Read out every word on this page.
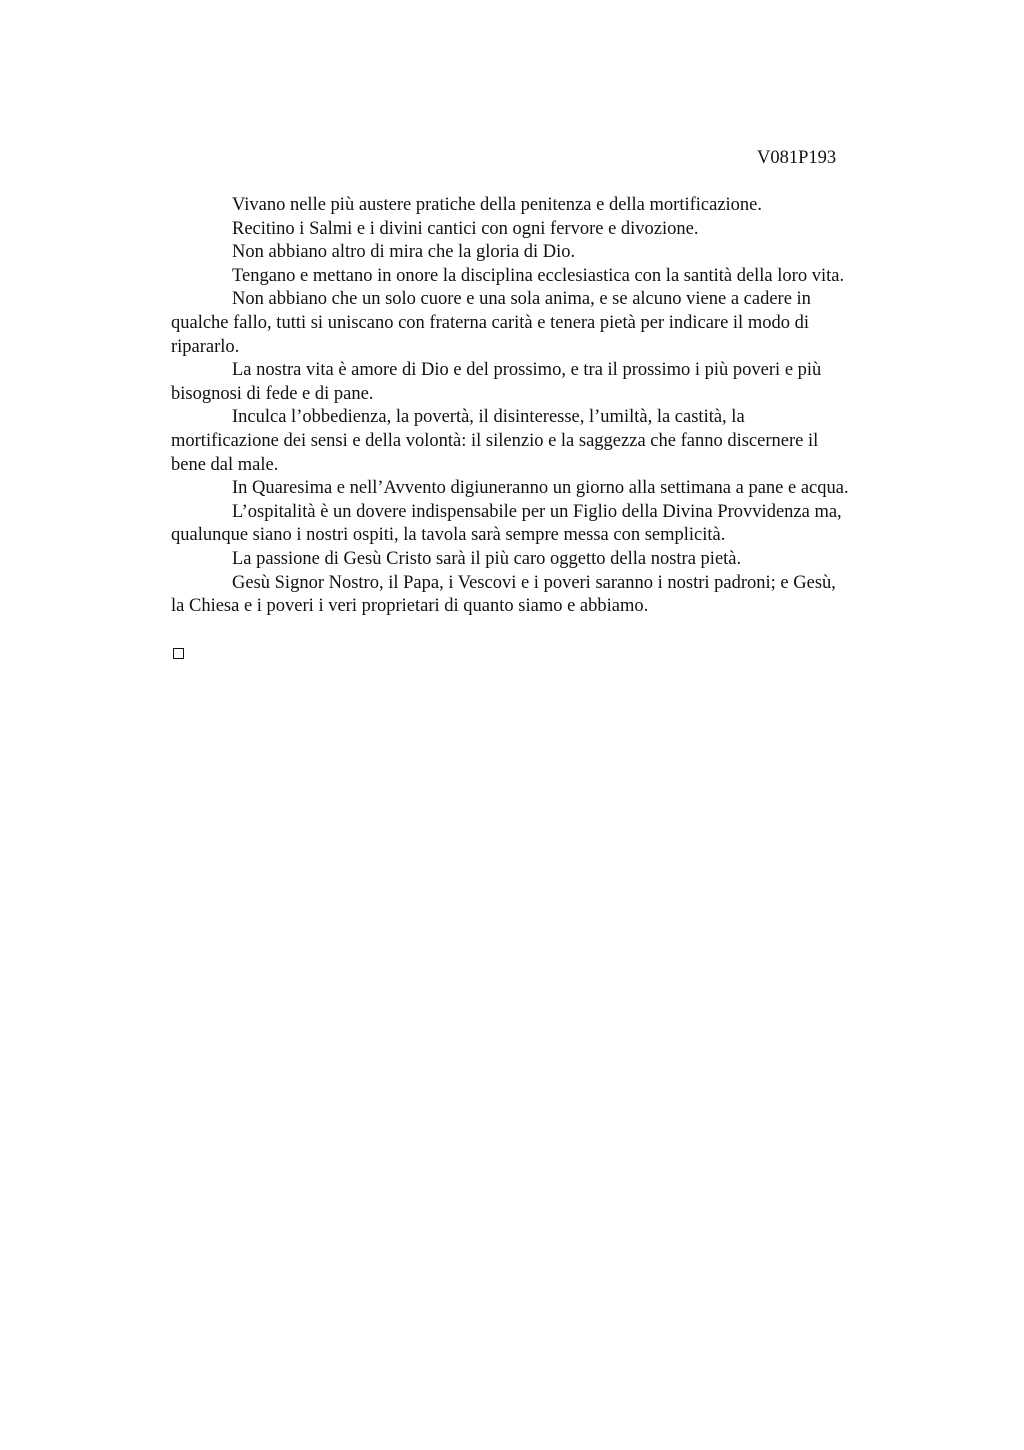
V081P193

Vivano nelle più austere pratiche della penitenza e della mortificazione.

Recitino i Salmi e i divini cantici con ogni fervore e divozione.

Non abbiano altro di mira che la gloria di Dio.

Tengano e mettano in onore la disciplina ecclesiastica con la santità della loro vita.

Non abbiano che un solo cuore e una sola anima, e se alcuno viene a cadere in
qualche fallo, tutti si uniscano con fraterna carità e tenera pietà per indicare il modo di
ripararlo.

La nostra vita è amore di Dio e del prossimo, e tra il prossimo i più poveri e più
bisognosi di fede e di pane.

Inculca l’obbedienza, la povertà, il disinteresse, l’umiltà, la castità, la
mortificazione dei sensi e della volontà: il silenzio e la saggezza che fanno discernere il
bene dal male.

In Quaresima e nell’Avvento digiuneranno un giorno alla settimana a pane e acqua.

L’ospitalità è un dovere indispensabile per un Figlio della Divina Provvidenza ma,
qualunque siano i nostri ospiti, la tavola sarà sempre messa con semplicità.

La passione di Gesù Cristo sarà il più caro oggetto della nostra pietà.

Gesù Signor Nostro, il Papa, i Vescovi e i poveri saranno i nostri padroni; e Gesù,
la Chiesa e i poveri i veri proprietari di quanto siamo e abbiamo.
